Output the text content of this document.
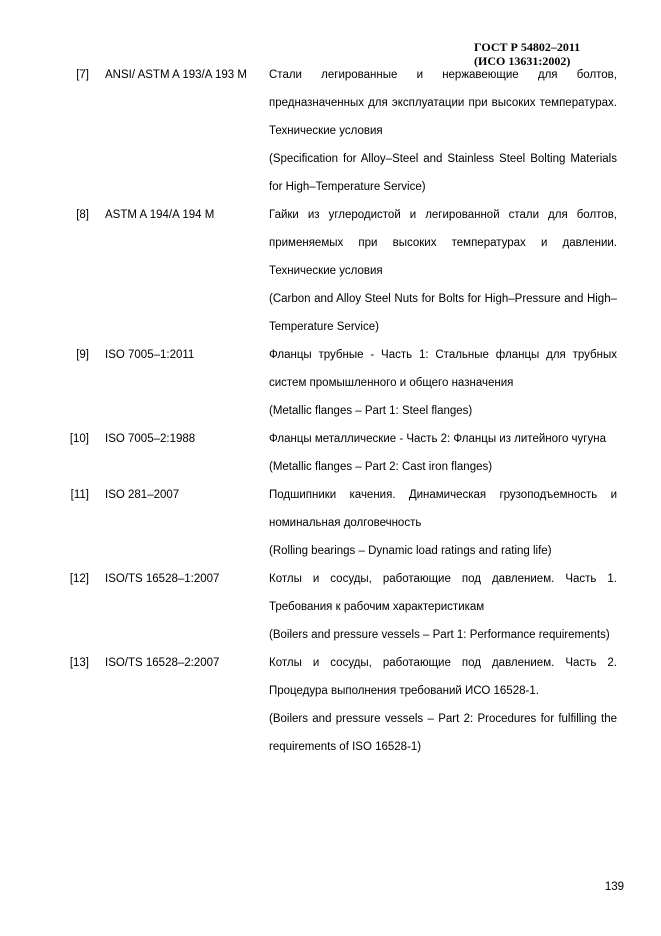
ГОСТ Р 54802–2011
(ИСО 13631:2002)
[7]	ANSI/ ASTM A 193/A 193 M	Стали легированные и нержавеющие для болтов, предназначенных для эксплуатации при высоких температурах. Технические условия

(Specification for Alloy–Steel and Stainless Steel Bolting Materials for High–Temperature Service)

[8]	ASTM A 194/A 194 M	Гайки из углеродистой и легированной стали для болтов, применяемых при высоких температурах и давлении. Технические условия

(Carbon and Alloy Steel Nuts for Bolts for High–Pressure and High–Temperature Service)

[9]	ISO 7005–1:2011	Фланцы трубные - Часть 1: Стальные фланцы для трубных систем промышленного и общего назначения

(Metallic flanges – Part 1: Steel flanges)

[10]	ISO 7005–2:1988	Фланцы металлические - Часть 2: Фланцы из литейного чугуна

(Metallic flanges – Part 2: Cast iron flanges)

[11]	ISO 281–2007	Подшипники качения. Динамическая грузоподъемность и номинальная долговечность

(Rolling bearings – Dynamic load ratings and rating life)

[12]	ISO/TS 16528–1:2007	Котлы и сосуды, работающие под давлением. Часть 1. Требования к рабочим характеристикам

(Boilers and pressure vessels – Part 1: Performance requirements)

[13]	ISO/TS 16528–2:2007	Котлы и сосуды, работающие под давлением. Часть 2. Процедура выполнения требований ИСО 16528-1.

(Boilers and pressure vessels – Part 2: Procedures for fulfilling the requirements of ISO 16528-1)

139
